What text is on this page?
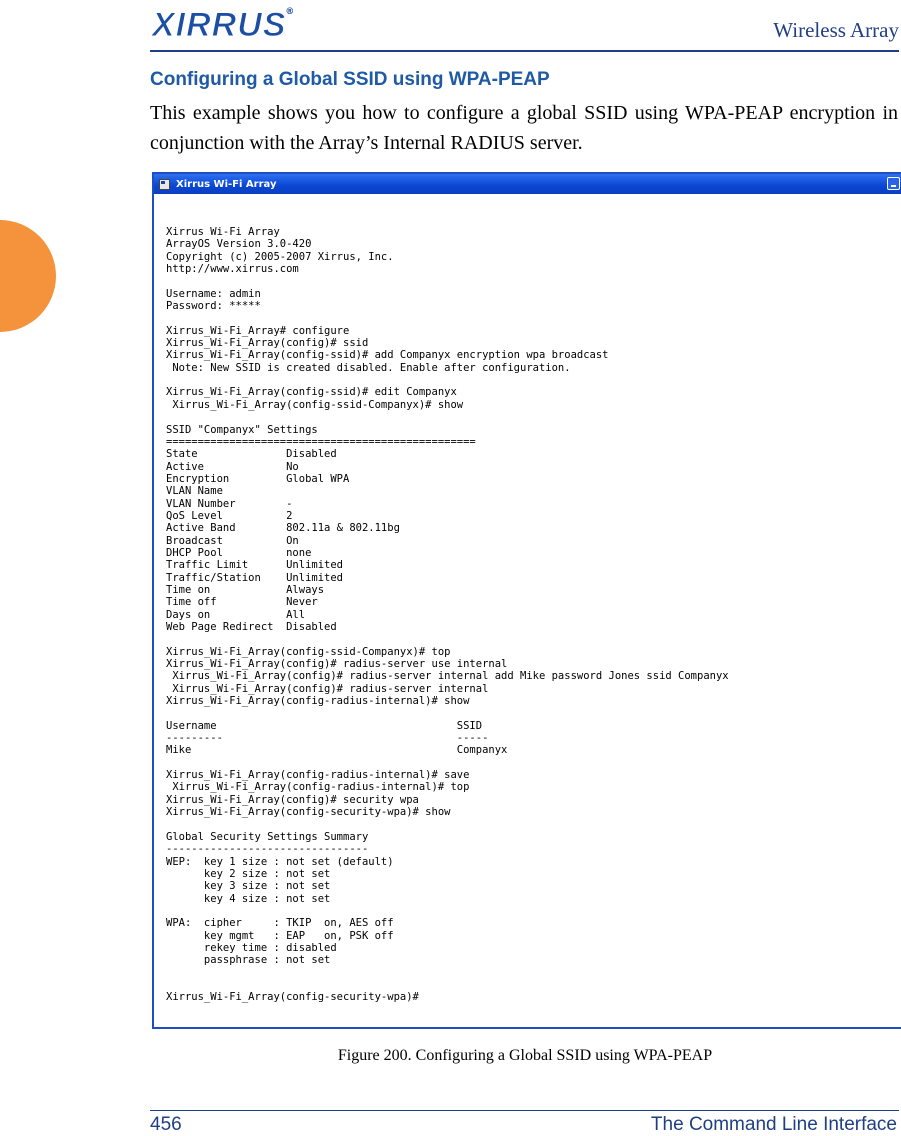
XIRRUS®
Wireless Array
Configuring a Global SSID using WPA-PEAP
This example shows you how to configure a global SSID using WPA-PEAP encryption in conjunction with the Array’s Internal RADIUS server.
Xirrus Wi-Fi Array
Xirrus Wi-Fi Array
ArrayOS Version 3.0-420
Copyright (c) 2005-2007 Xirrus, Inc.
http://www.xirrus.com

Username: admin
Password: *****

Xirrus_Wi-Fi_Array# configure
Xirrus_Wi-Fi_Array(config)# ssid
Xirrus_Wi-Fi_Array(config-ssid)# add Companyx encryption wpa broadcast
Note: New SSID is created disabled. Enable after configuration.

Xirrus_Wi-Fi_Array(config-ssid)# edit Companyx
Xirrus_Wi-Fi_Array(config-ssid-Companyx)# show

SSID "Companyx" Settings
=================================================
State              Disabled
Active             No
Encryption         Global WPA
VLAN Name
VLAN Number        -
QoS Level          2
Active Band        802.11a & 802.11bg
Broadcast          On
DHCP Pool          none
Traffic Limit      Unlimited
Traffic/Station    Unlimited
Time on            Always
Time off           Never
Days on            All
Web Page Redirect  Disabled

Xirrus_Wi-Fi_Array(config-ssid-Companyx)# top
Xirrus_Wi-Fi_Array(config)# radius-server use internal
Xirrus_Wi-Fi_Array(config)# radius-server internal add Mike password Jones ssid Companyx
Xirrus_Wi-Fi_Array(config)# radius-server internal
Xirrus_Wi-Fi_Array(config-radius-internal)# show

Username                                      SSID
---------                                     -----
Mike                                          Companyx

Xirrus_Wi-Fi_Array(config-radius-internal)# save
Xirrus_Wi-Fi_Array(config-radius-internal)# top
Xirrus_Wi-Fi_Array(config)# security wpa
Xirrus_Wi-Fi_Array(config-security-wpa)# show

Global Security Settings Summary
--------------------------------
WEP:  key 1 size : not set (default)
key 2 size : not set
key 3 size : not set
key 4 size : not set

WPA:  cipher     : TKIP  on, AES off
key mgmt   : EAP   on, PSK off
rekey time : disabled
passphrase : not set

Xirrus_Wi-Fi_Array(config-security-wpa)#

Figure 200. Configuring a Global SSID using WPA-PEAP
456	The Command Line Interface
